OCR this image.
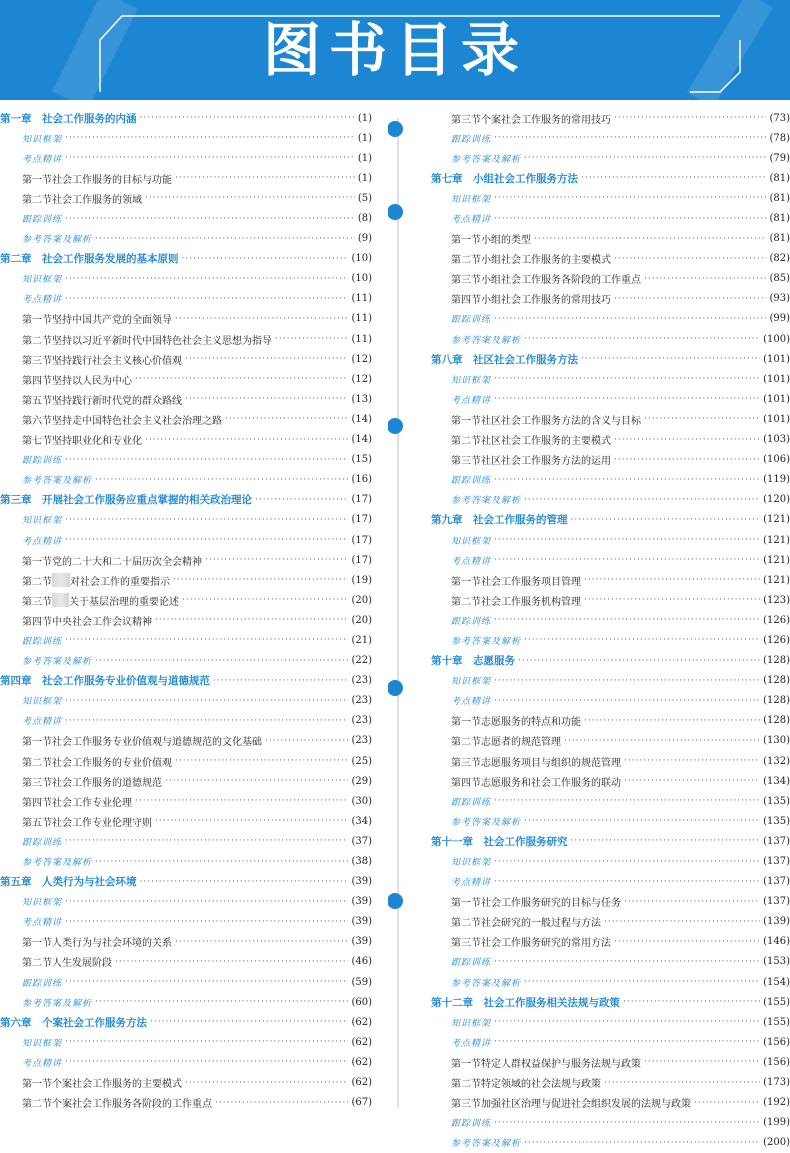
图书目录
第一章　社会工作服务的内涵 ·····	(1)
知识框架 ·····	(1)
考点精讲 ·····	(1)
第一节 社会工作服务的目标与功能 ·····	(1)
第二节 社会工作服务的领域 ·····	(5)
跟踪训练 ·····	(8)
参考答案及解析 ·····	(9)
第二章　社会工作服务发展的基本原则 ·····	(10)
知识框架 ·····	(10)
考点精讲 ·····	(11)
第一节 坚持中国共产党的全面领导 ·····	(11)
第二节 坚持以习近平新时代中国特色社会主义思想为指导 ·····	(11)
第三节 坚持践行社会主义核心价值观 ·····	(12)
第四节 坚持以人民为中心 ·····	(12)
第五节 坚持践行新时代党的群众路线 ·····	(13)
第六节 坚持走中国特色社会主义社会治理之路 ·····	(14)
第七节 坚持职业化和专业化 ·····	(14)
跟踪训练 ·····	(15)
参考答案及解析 ·····	(16)
第三章　开展社会工作服务应重点掌握的相关政治理论 ·····	(17)
知识框架 ·····	(17)
考点精讲 ·····	(17)
第一节 党的二十大和二十届历次全会精神 ·····	(17)
第二节 对社会工作的重要指示 ·····	(19)
第三节 关于基层治理的重要论述 ·····	(20)
第四节 中央社会工作会议精神 ·····	(20)
跟踪训练 ·····	(21)
参考答案及解析 ·····	(22)
第四章　社会工作服务专业价值观与道德规范 ·····	(23)
知识框架 ·····	(23)
考点精讲 ·····	(23)
第一节 社会工作服务专业价值观与道德规范的文化基础 ·····	(23)
第二节 社会工作服务的专业价值观 ·····	(25)
第三节 社会工作服务的道德规范 ·····	(29)
第四节 社会工作专业伦理 ·····	(30)
第五节 社会工作专业伦理守则 ·····	(34)
跟踪训练 ·····	(37)
参考答案及解析 ·····	(38)
第五章　人类行为与社会环境 ·····	(39)
知识框架 ·····	(39)
考点精讲 ·····	(39)
第一节 人类行为与社会环境的关系 ·····	(39)
第二节 人生发展阶段 ·····	(46)
跟踪训练 ·····	(59)
参考答案及解析 ·····	(60)
第六章　个案社会工作服务方法 ·····	(62)
知识框架 ·····	(62)
考点精讲 ·····	(62)
第一节 个案社会工作服务的主要模式 ·····	(62)
第二节 个案社会工作服务各阶段的工作重点 ·····	(67)
第三节 个案社会工作服务的常用技巧 ·····	(73)
跟踪训练 ·····	(78)
参考答案及解析 ·····	(79)
第七章　小组社会工作服务方法 ·····	(81)
知识框架 ·····	(81)
考点精讲 ·····	(81)
第一节 小组的类型 ·····	(81)
第二节 小组社会工作服务的主要模式 ·····	(82)
第三节 小组社会工作服务各阶段的工作重点 ·····	(85)
第四节 小组社会工作服务的常用技巧 ·····	(93)
跟踪训练 ·····	(99)
参考答案及解析 ·····	(100)
第八章　社区社会工作服务方法 ·····	(101)
知识框架 ·····	(101)
考点精讲 ·····	(101)
第一节 社区社会工作服务方法的含义与目标 ·····	(101)
第二节 社区社会工作服务的主要模式 ·····	(103)
第三节 社区社会工作服务方法的运用 ·····	(106)
跟踪训练 ·····	(119)
参考答案及解析 ·····	(120)
第九章　社会工作服务的管理 ·····	(121)
知识框架 ·····	(121)
考点精讲 ·····	(121)
第一节 社会工作服务项目管理 ·····	(121)
第二节 社会工作服务机构管理 ·····	(123)
跟踪训练 ·····	(126)
参考答案及解析 ·····	(126)
第十章　志愿服务 ·····	(128)
知识框架 ·····	(128)
考点精讲 ·····	(128)
第一节 志愿服务的特点和功能 ·····	(128)
第二节 志愿者的规范管理 ·····	(130)
第三节 志愿服务项目与组织的规范管理 ·····	(132)
第四节 志愿服务和社会工作服务的联动 ·····	(134)
跟踪训练 ·····	(135)
参考答案及解析 ·····	(135)
第十一章　社会工作服务研究 ·····	(137)
知识框架 ·····	(137)
考点精讲 ·····	(137)
第一节 社会工作服务研究的目标与任务 ·····	(137)
第二节 社会研究的一般过程与方法 ·····	(139)
第三节 社会工作服务研究的常用方法 ·····	(146)
跟踪训练 ·····	(153)
参考答案及解析 ·····	(154)
第十二章　社会工作服务相关法规与政策 ·····	(155)
知识框架 ·····	(155)
考点精讲 ·····	(156)
第一节 特定人群权益保护与服务法规与政策 ·····	(156)
第二节 特定领域的社会法规与政策 ·····	(173)
第三节 加强社区治理与促进社会组织发展的法规与政策 ·····	(192)
跟踪训练 ·····	(199)
参考答案及解析 ·····	(200)
